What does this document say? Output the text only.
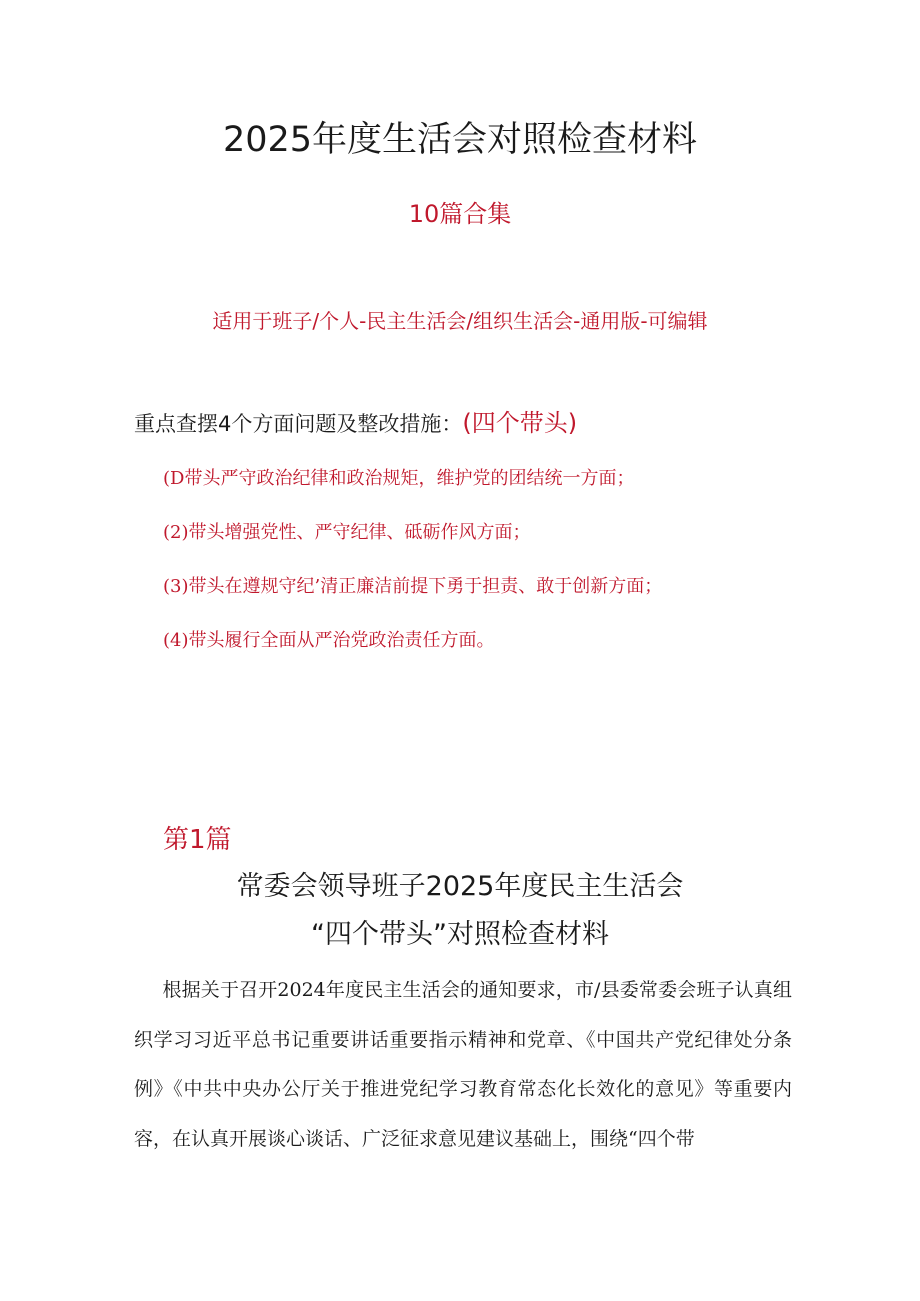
2025年度生活会对照检查材料
10篇合集
适用于班子/个人-民主生活会/组织生活会-通用版-可编辑
重点查摆4个方面问题及整改措施：(四个带头)
(D带头严守政治纪律和政治规矩，维护党的团结统一方面；
(2)带头增强党性、严守纪律、砥砺作风方面；
(3)带头在遵规守纪’清正廉洁前提下勇于担责、敢于创新方面；
(4)带头履行全面从严治党政治责任方面。
第1篇
常委会领导班子2025年度民主生活会
“四个带头”对照检查材料

根据关于召开2024年度民主生活会的通知要求，市/县委常委会班子认真组织学习习近平总书记重要讲话重要指示精神和党章、《中国共产党纪律处分条例》《中共中央办公厅关于推进党纪学习教育常态化长效化的意见》等重要内容，在认真开展谈心谈话、广泛征求意见建议基础上，围绕“四个带
